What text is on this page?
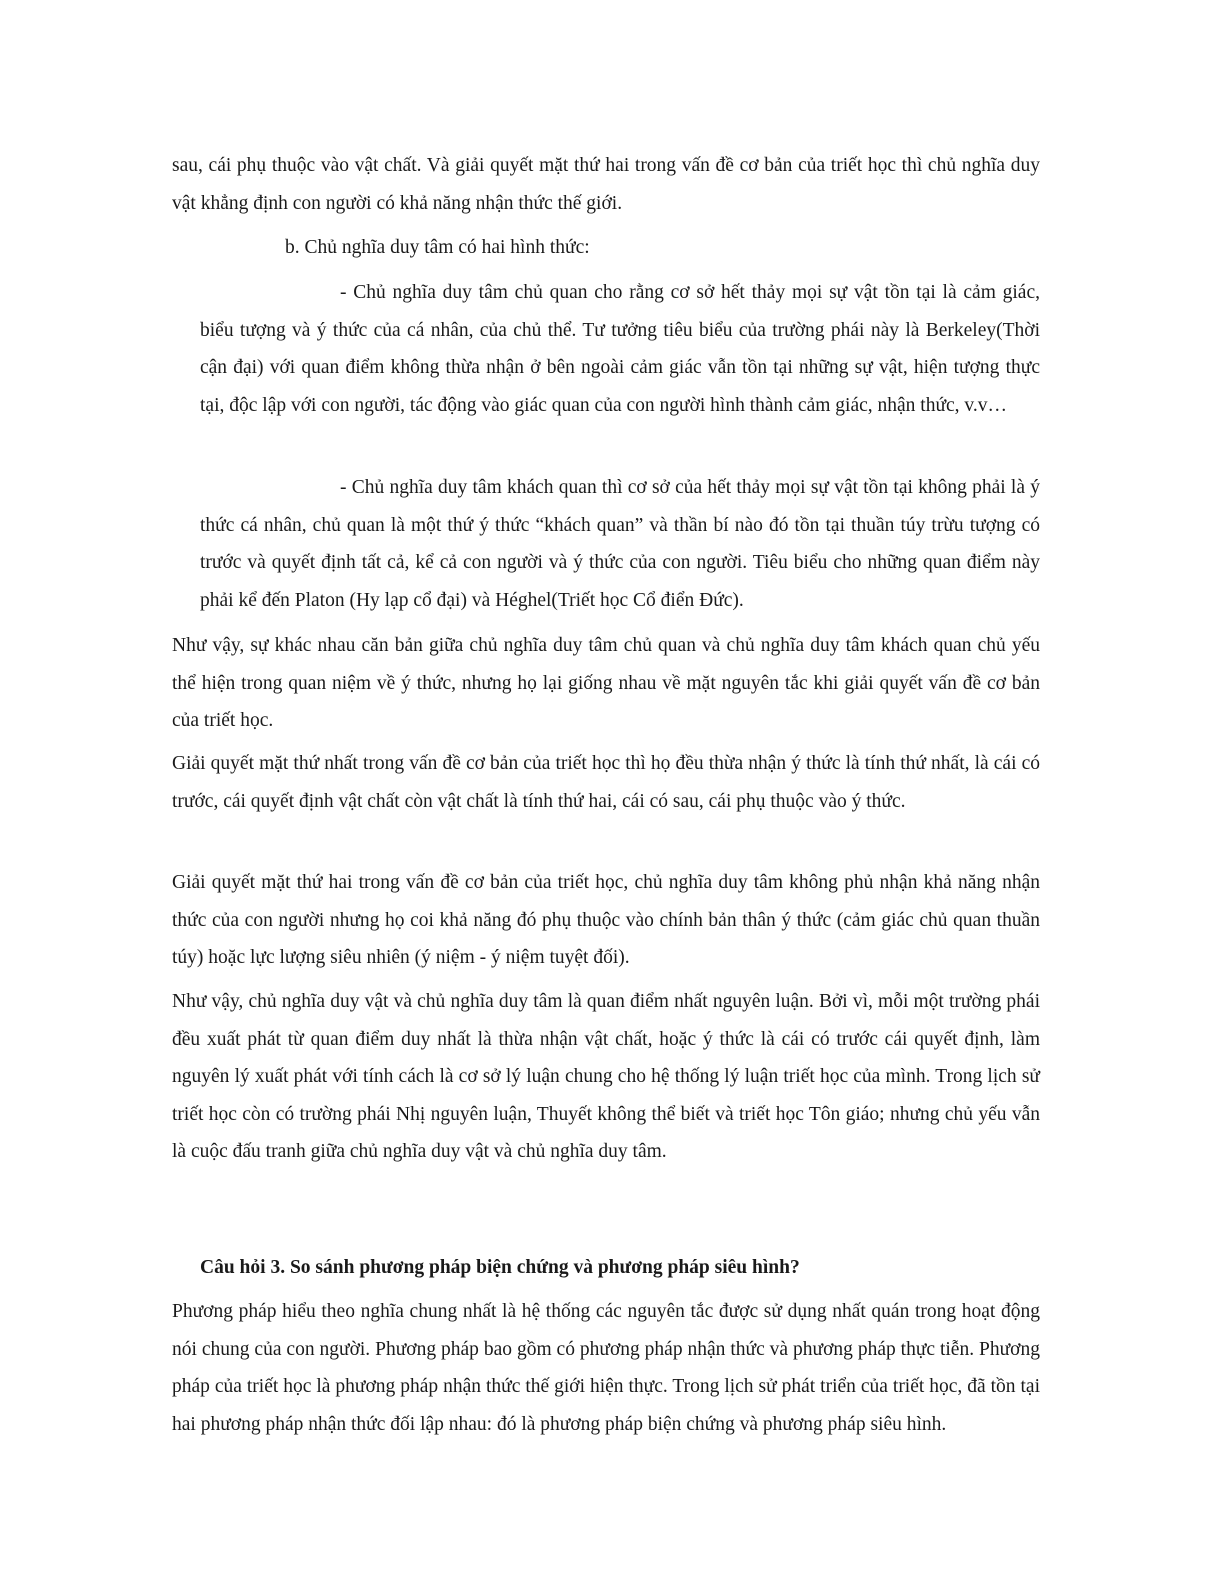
sau, cái phụ thuộc vào vật chất. Và giải quyết mặt thứ hai trong vấn đề cơ bản của triết học thì chủ nghĩa duy vật khẳng định con người có khả năng nhận thức thế giới.

b. Chủ nghĩa duy tâm có hai hình thức:

- Chủ nghĩa duy tâm chủ quan cho rằng cơ sở hết thảy mọi sự vật tồn tại là cảm giác, biểu tượng và ý thức của cá nhân, của chủ thể. Tư tưởng tiêu biểu của trường phái này là Berkeley(Thời cận đại) với quan điểm không thừa nhận ở bên ngoài cảm giác vẫn tồn tại những sự vật, hiện tượng thực tại, độc lập với con người, tác động vào giác quan của con người hình thành cảm giác, nhận thức, v.v…

- Chủ nghĩa duy tâm khách quan thì cơ sở của hết thảy mọi sự vật tồn tại không phải là ý thức cá nhân, chủ quan là một thứ ý thức “khách quan” và thần bí nào đó tồn tại thuần túy trừu tượng có trước và quyết định tất cả, kể cả con người và ý thức của con người. Tiêu biểu cho những quan điểm này phải kể đến Platon (Hy lạp cổ đại) và Héghel(Triết học Cổ điển Đức).

Như vậy, sự khác nhau căn bản giữa chủ nghĩa duy tâm chủ quan và chủ nghĩa duy tâm khách quan chủ yếu thể hiện trong quan niệm về ý thức, nhưng họ lại giống nhau về mặt nguyên tắc khi giải quyết vấn đề cơ bản của triết học.

Giải quyết mặt thứ nhất trong vấn đề cơ bản của triết học thì họ đều thừa nhận ý thức là tính thứ nhất, là cái có trước, cái quyết định vật chất còn vật chất là tính thứ hai, cái có sau, cái phụ thuộc vào ý thức.

Giải quyết mặt thứ hai trong vấn đề cơ bản của triết học, chủ nghĩa duy tâm không phủ nhận khả năng nhận thức của con người nhưng họ coi khả năng đó phụ thuộc vào chính bản thân ý thức (cảm giác chủ quan thuần túy) hoặc lực lượng siêu nhiên (ý niệm - ý niệm tuyệt đối).

Như vậy, chủ nghĩa duy vật và chủ nghĩa duy tâm là quan điểm nhất nguyên luận. Bởi vì, mỗi một trường phái đều xuất phát từ quan điểm duy nhất là thừa nhận vật chất, hoặc ý thức là cái có trước cái quyết định, làm nguyên lý xuất phát với tính cách là cơ sở lý luận chung cho hệ thống lý luận triết học của mình. Trong lịch sử triết học còn có trường phái Nhị nguyên luận, Thuyết không thể biết và triết học Tôn giáo; nhưng chủ yếu vẫn là cuộc đấu tranh giữa chủ nghĩa duy vật và chủ nghĩa duy tâm.

Câu hỏi 3. So sánh phương pháp biện chứng và phương pháp siêu hình?

Phương pháp hiểu theo nghĩa chung nhất là hệ thống các nguyên tắc được sử dụng nhất quán trong hoạt động nói chung của con người. Phương pháp bao gồm có phương pháp nhận thức và phương pháp thực tiễn. Phương pháp của triết học là phương pháp nhận thức thế giới hiện thực. Trong lịch sử phát triển của triết học, đã tồn tại hai phương pháp nhận thức đối lập nhau: đó là phương pháp biện chứng và phương pháp siêu hình.
